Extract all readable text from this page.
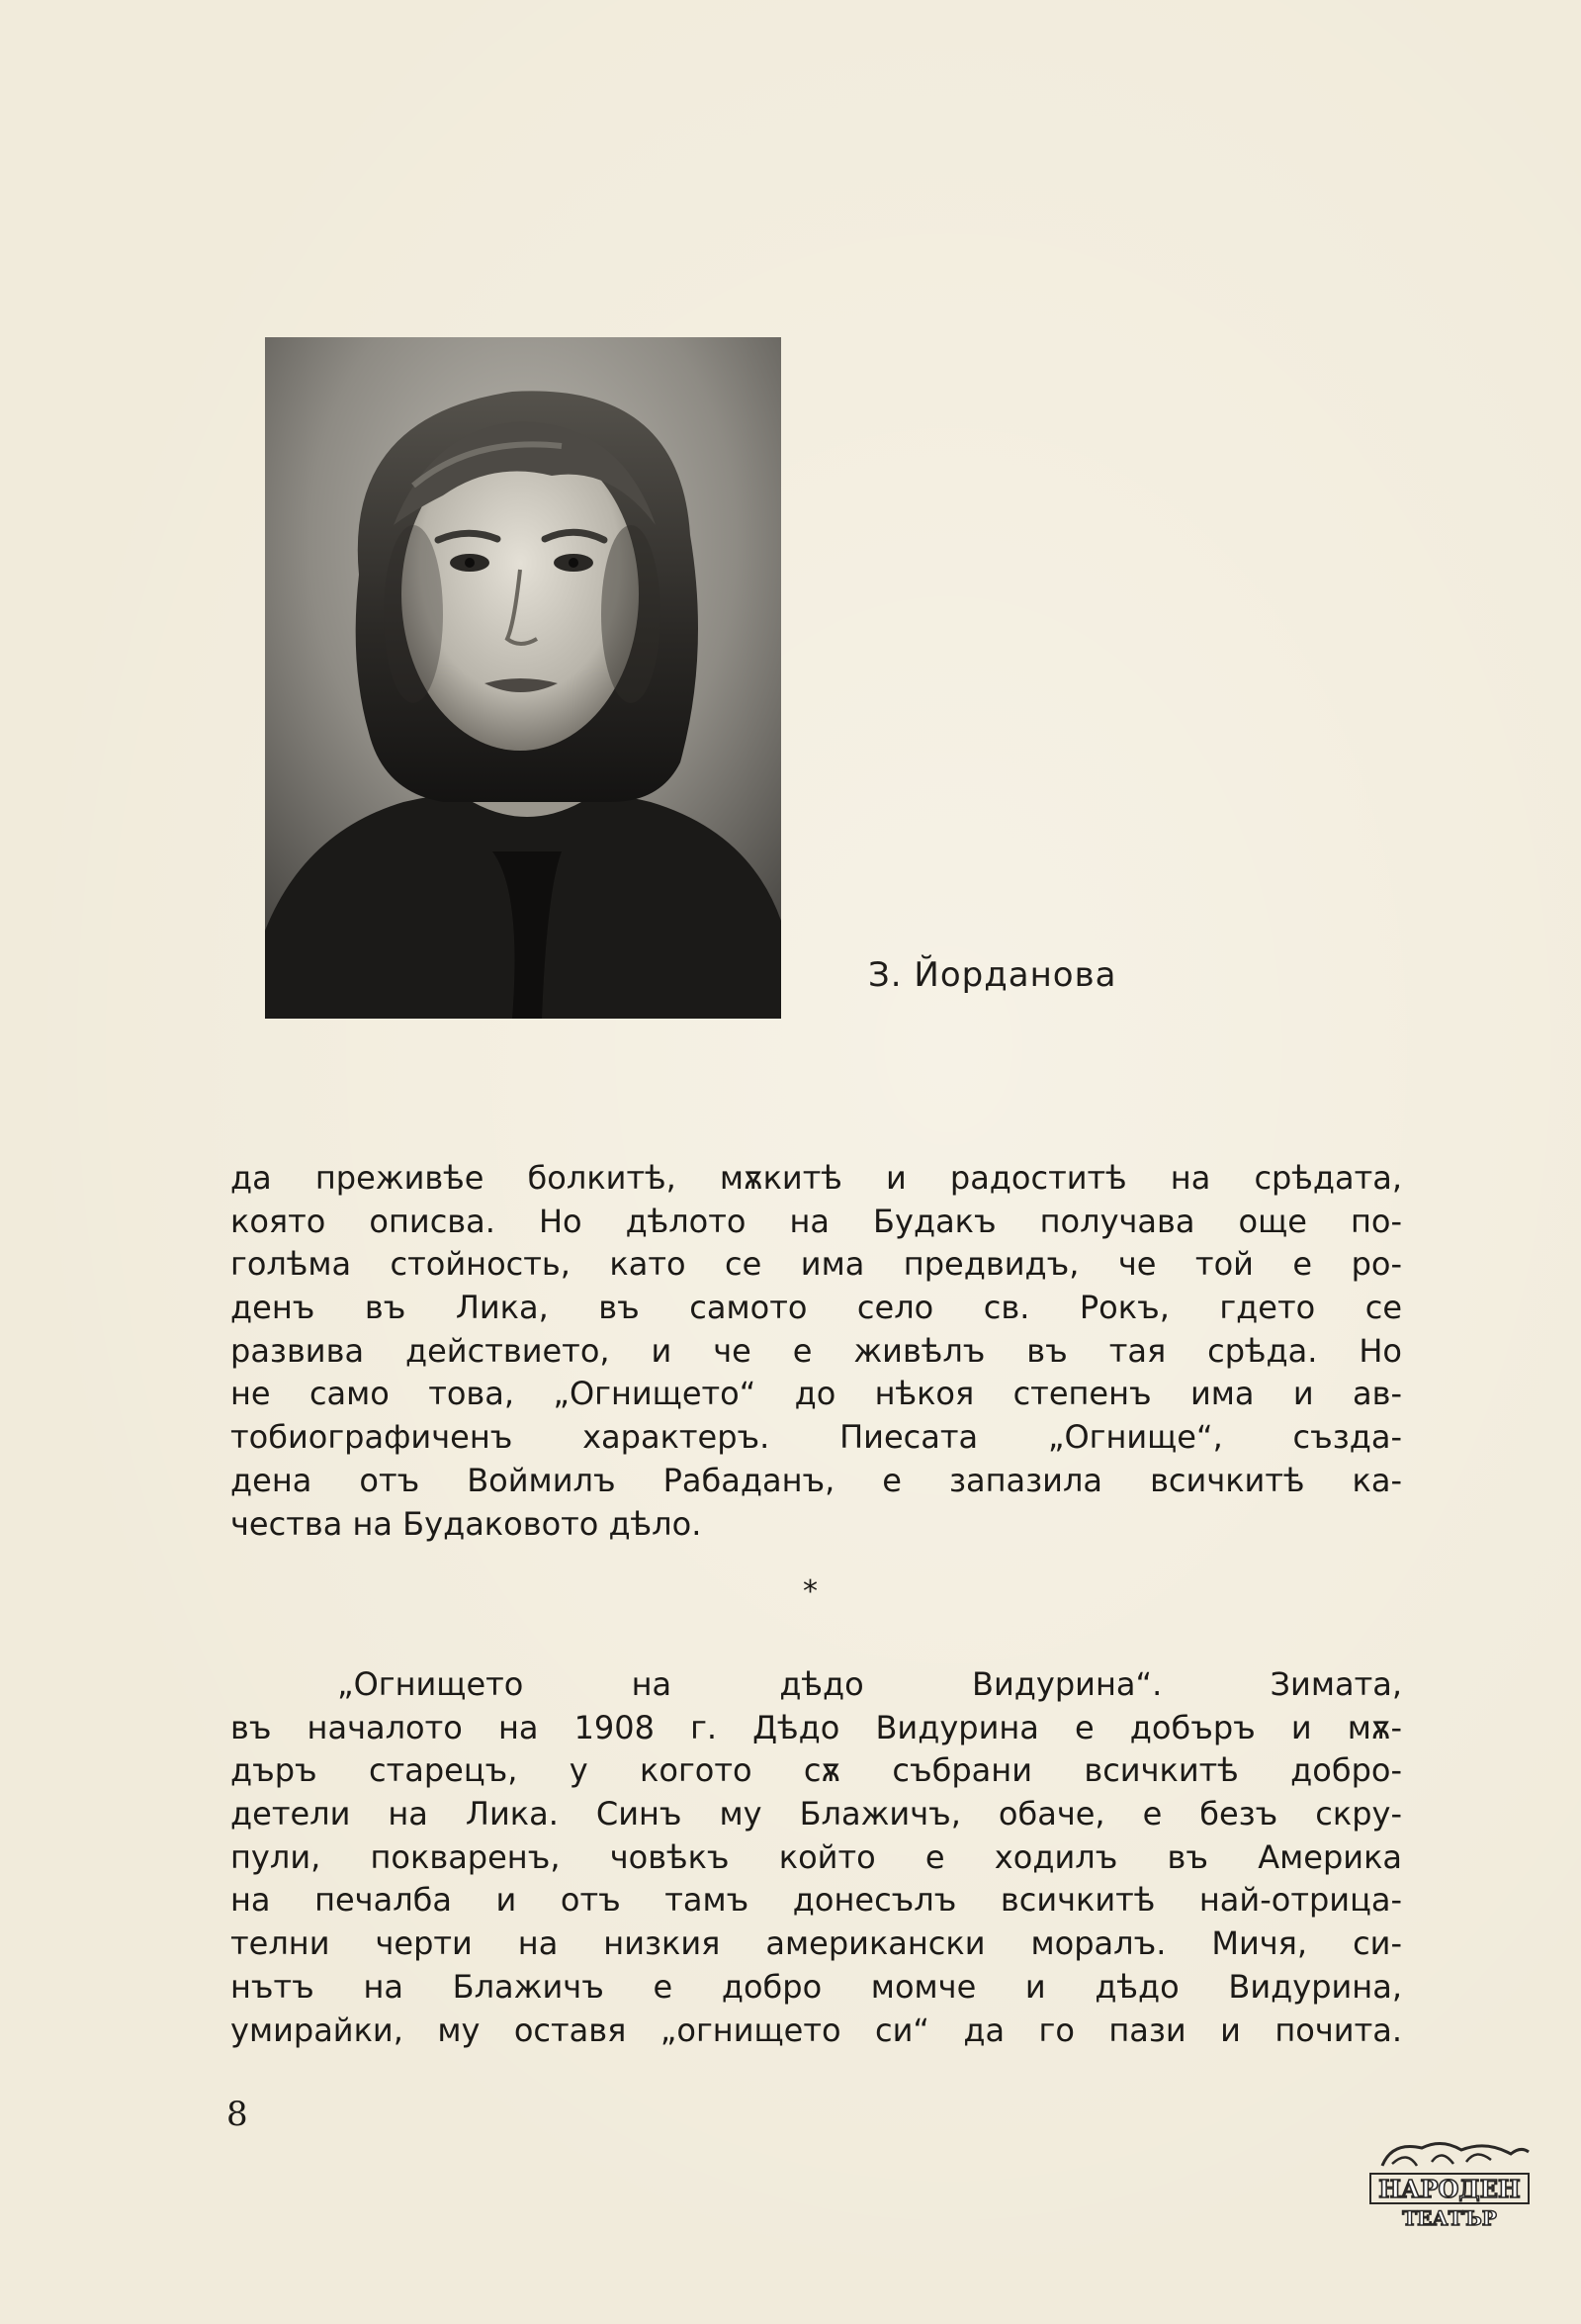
З. Йорданова
да преживѣе болкитѣ, мѫкитѣ и радоститѣ на срѣдата,
която описва. Но дѣлото на Будакъ получава още по-
голѣма стойность, като се има предвидъ, че той е ро-
денъ въ Лика, въ самото село св. Рокъ, гдето се
развива действието, и че е живѣлъ въ тая срѣда. Но
не само това, „Огнището“ до нѣкоя степенъ има и ав-
тобиографиченъ характеръ. Пиесата „Огнище“, създа-
дена отъ Воймилъ Рабаданъ, е запазила всичкитѣ ка-
чества на Будаковото дѣло.
*
„Огнището на дѣдо Видурина“. Зимата,
въ началото на 1908 г. Дѣдо Видурина е добъръ и мѫ-
дъръ старецъ, у когото сѫ събрани всичкитѣ добро-
детели на Лика. Синъ му Блажичъ, обаче, е безъ скру-
пули, покваренъ, човѣкъ който е ходилъ въ Америка
на печалба и отъ тамъ донесълъ всичкитѣ най-отрица-
телни черти на низкия американски моралъ. Мичя, си-
нътъ на Блажичъ е добро момче и дѣдо Видурина,
умирайки, му оставя „огнището си“ да го пази и почита.
8
НАРОДЕН
ТЕАТЪР
